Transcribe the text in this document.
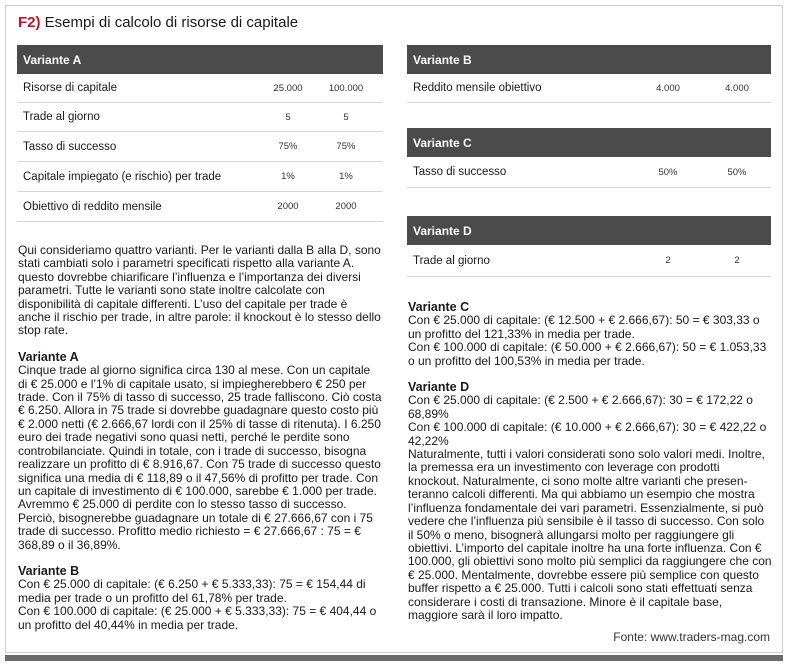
F2) Esempi di calcolo di risorse di capitale
Variante A
Risorse di capitale	25.000	100.000
Trade al giorno	5	5
Tasso di successo	75%	75%
Capitale impiegato (e rischio) per trade	1%	1%
Obiettivo di reddito mensile	2000	2000
Variante B
Reddito mensile obiettivo	4.000	4.000
Variante C
Tasso di successo	50%	50%
Variante D
Trade al giorno	2	2

Qui consideriamo quattro varianti. Per le varianti dalla B alla D, sono stati cambiati solo i parametri specificati rispetto alla variante A. questo dovrebbe chiarificare l’influenza e l’importanza dei diversi parametri. Tutte le varianti sono state inoltre calcolate con disponibilità di capitale differenti. L’uso del capitale per trade è anche il rischio per trade, in altre parole: il knockout è lo stesso dello stop rate.

Variante A

Cinque trade al giorno significa circa 130 al mese. Con un capitale di € 25.000 e l’1% di capitale usato, si impiegherebbero € 250 per trade. Con il 75% di tasso di successo, 25 trade falliscono. Ciò costa € 6.250. Allora in 75 trade si dovrebbe guadagnare questo costo più € 2.000 netti (€ 2.666,67 lordi con il 25% di tasse di ritenuta). I 6.250 euro dei trade negativi sono quasi netti, perché le perdite sono controbilanciate. Quindi in totale, con i trade di successo, bisogna realizzare un profitto di € 8.916,67. Con 75 trade di successo questo significa una media di € 118,89 o il 47,56% di profitto per trade. Con un capitale di investimento di € 100.000, sarebbe € 1.000 per trade. Avremmo € 25.000 di perdite con lo stesso tasso di successo. Perciò, bisognerebbe guadagnare un totale di € 27.666,67 con i 75 trade di successo. Profitto medio richiesto = € 27.666,67 : 75 = € 368,89 o il 36,89%.

Variante B

Con € 25.000 di capitale: (€ 6.250 + € 5.333,33): 75 = € 154,44 di media per trade o un profitto del 61,78% per trade.

Con € 100.000 di capitale: (€ 25.000 + € 5.333,33): 75 = € 404,44 o un profitto del 40,44% in media per trade.

Variante C

Con € 25.000 di capitale: (€ 12.500 + € 2.666,67): 50 = € 303,33 o un profitto del 121,33% in media per trade.

Con € 100.000 di capitale: (€ 50.000 + € 2.666,67): 50 = € 1.053,33 o un profitto del 100,53% in media per trade.

Variante D

Con € 25.000 di capitale: (€ 2.500 + € 2.666,67): 30 = € 172,22 o 68,89%

Con € 100.000 di capitale: (€ 10.000 + € 2.666,67): 30 = € 422,22 o 42,22%

Naturalmente, tutti i valori considerati sono solo valori medi. Inoltre, la premessa era un investimento con leverage con prodotti knockout. Naturalmente, ci sono molte altre varianti che presen-teranno calcoli differenti. Ma qui abbiamo un esempio che mostra l’influenza fondamentale dei vari parametri. Essenzialmente, si può vedere che l’influenza più sensibile è il tasso di successo. Con solo il 50% o meno, bisognerà allungarsi molto per raggiungere gli obiettivi. L’importo del capitale inoltre ha una forte influenza. Con € 100.000, gli obiettivi sono molto più semplici da raggiungere che con € 25.000. Mentalmente, dovrebbe essere più semplice con questo buffer rispetto a € 25.000. Tutti i calcoli sono stati effettuati senza considerare i costi di transazione. Minore è il capitale base, maggiore sarà il loro impatto.

Fonte: www.traders-mag.com
